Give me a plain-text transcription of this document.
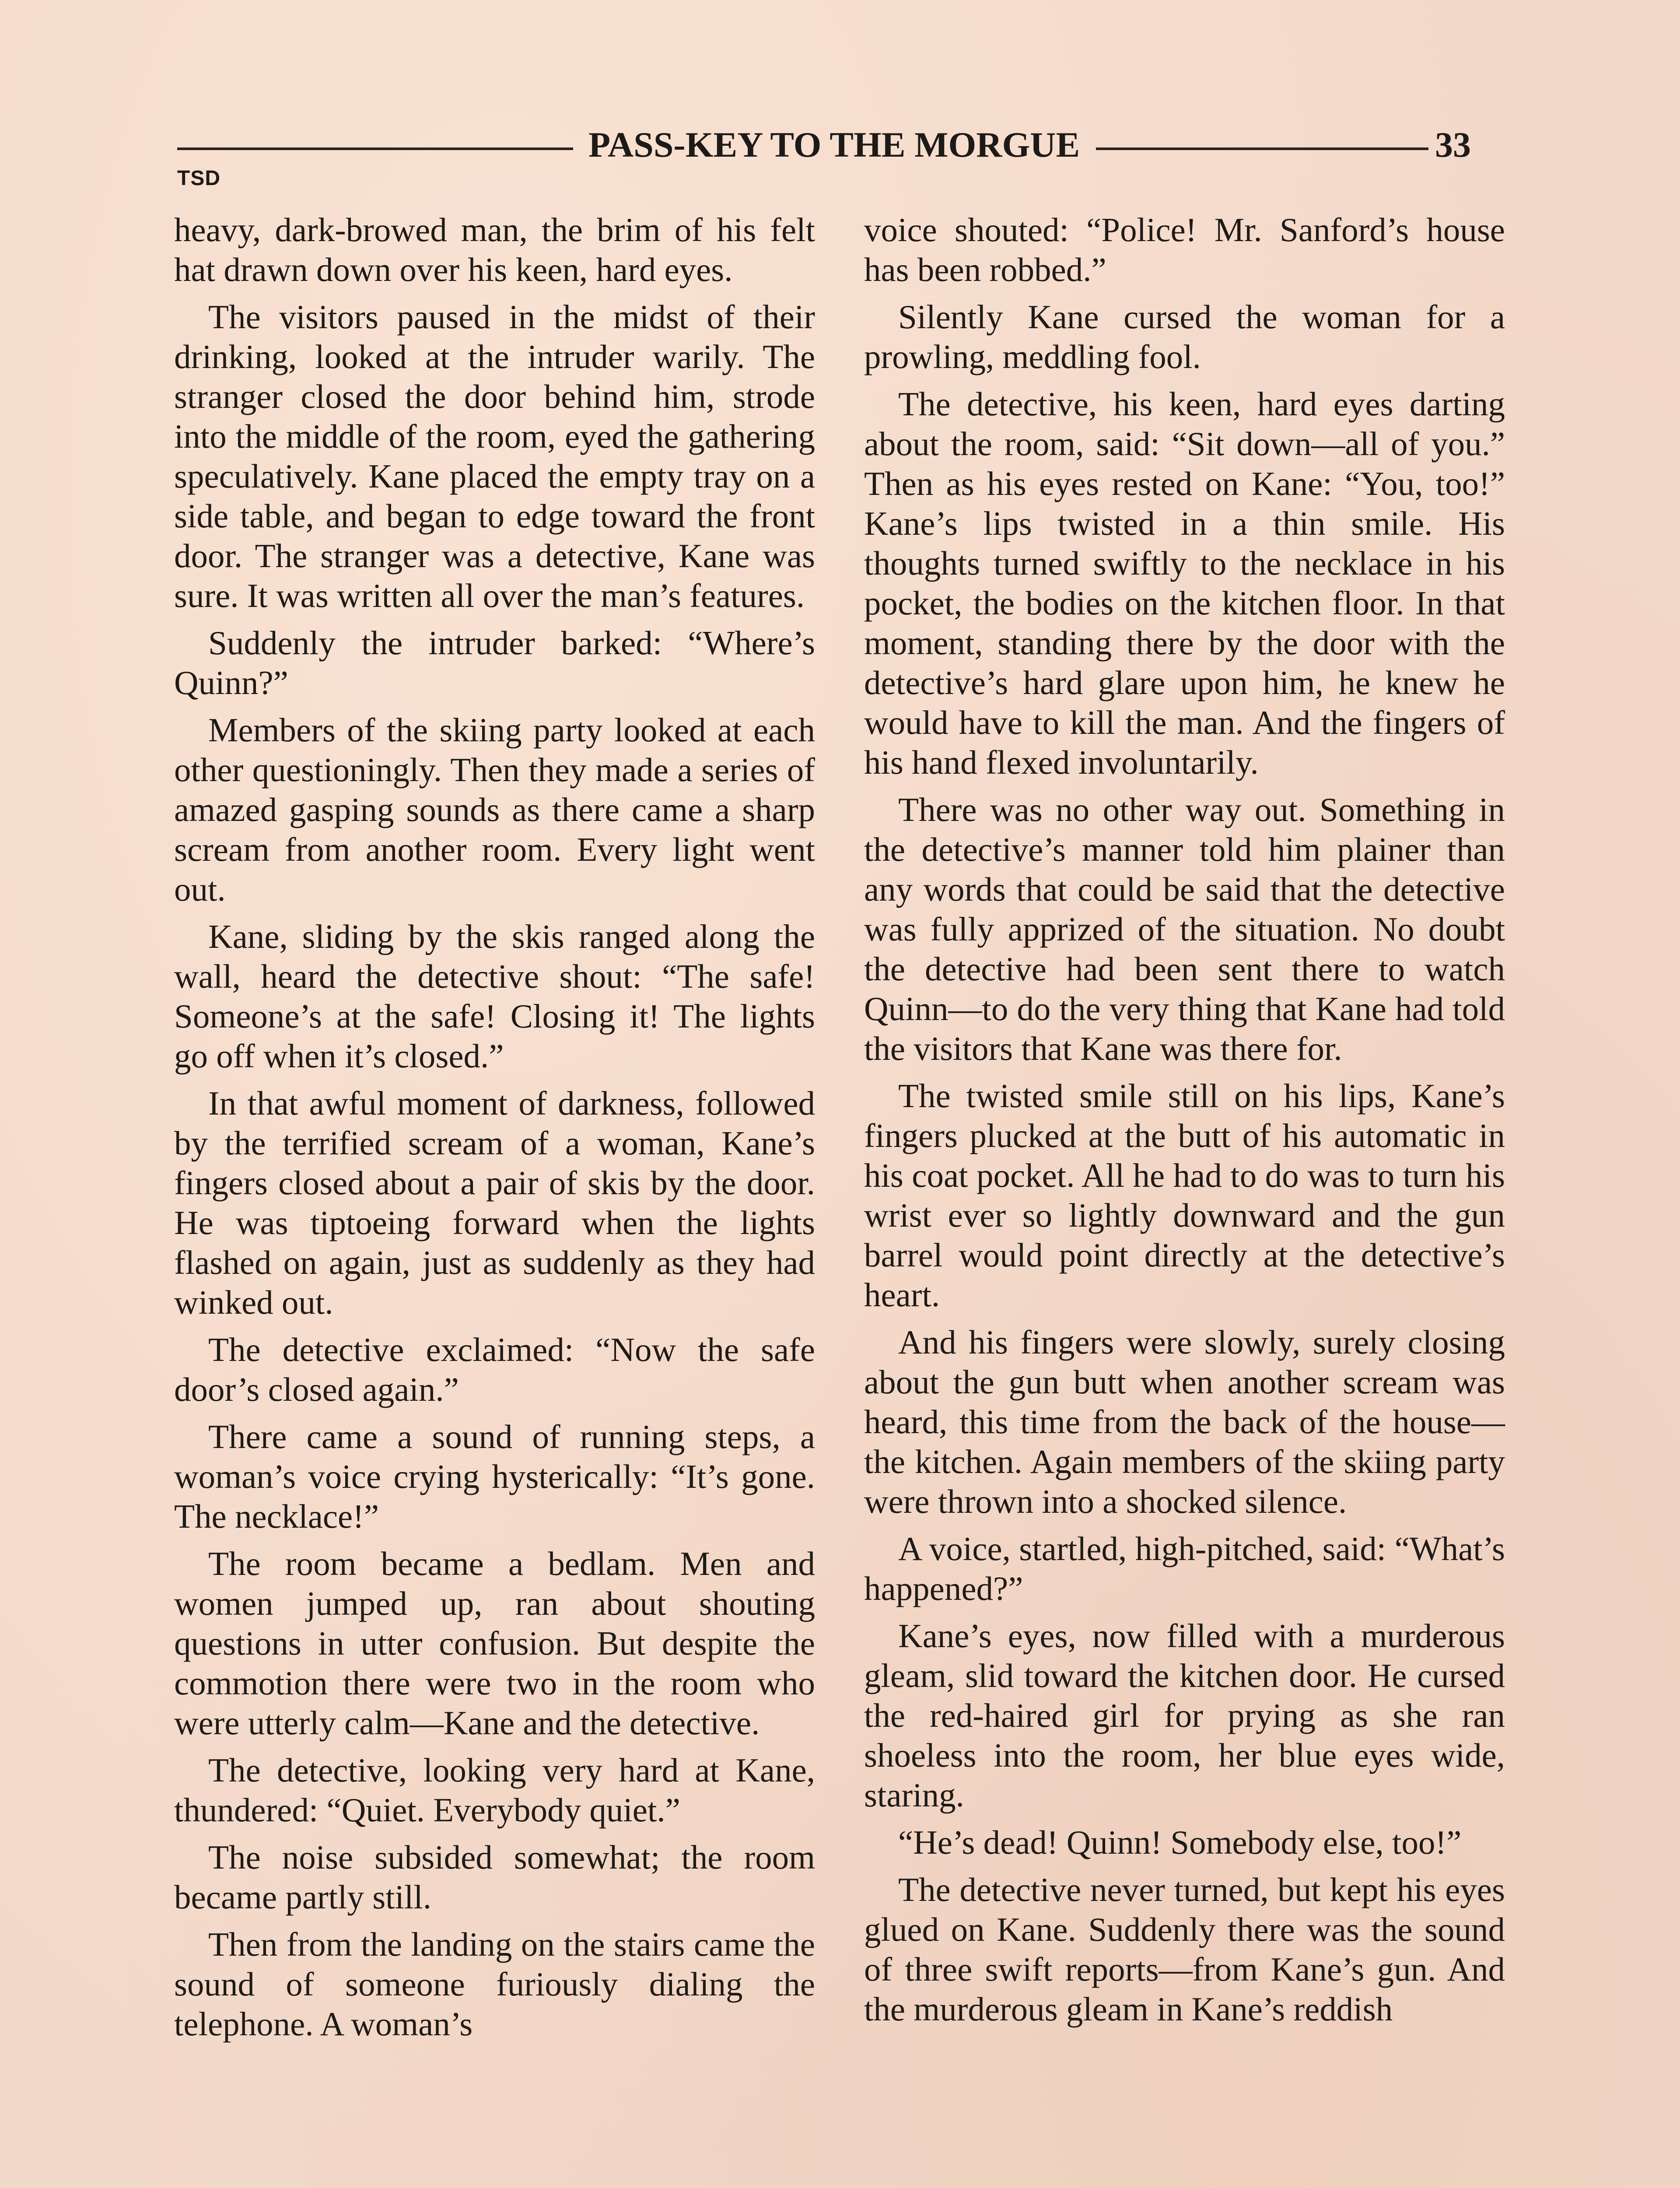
PASS-KEY TO THE MORGUE	33
TSD

heavy, dark-browed man, the brim of his felt hat drawn down over his keen, hard eyes.

The visitors paused in the midst of their drinking, looked at the intruder warily. The stranger closed the door behind him, strode into the middle of the room, eyed the gathering speculatively. Kane placed the empty tray on a side table, and began to edge toward the front door. The stranger was a detective, Kane was sure. It was written all over the man’s features.

Suddenly the intruder barked: “Where’s Quinn?”

Members of the skiing party looked at each other questioningly. Then they made a series of amazed gasping sounds as there came a sharp scream from another room. Every light went out.

Kane, sliding by the skis ranged along the wall, heard the detective shout: “The safe! Someone’s at the safe! Closing it! The lights go off when it’s closed.”

In that awful moment of darkness, followed by the terrified scream of a woman, Kane’s fingers closed about a pair of skis by the door. He was tiptoeing forward when the lights flashed on again, just as suddenly as they had winked out.

The detective exclaimed: “Now the safe door’s closed again.”

There came a sound of running steps, a woman’s voice crying hysterically: “It’s gone. The necklace!”

The room became a bedlam. Men and women jumped up, ran about shouting questions in utter confusion. But despite the commotion there were two in the room who were utterly calm—Kane and the detective.

The detective, looking very hard at Kane, thundered: “Quiet. Everybody quiet.”

The noise subsided somewhat; the room became partly still.

Then from the landing on the stairs came the sound of someone furiously dialing the telephone. A woman’s

voice shouted: “Police! Mr. Sanford’s house has been robbed.”

Silently Kane cursed the woman for a prowling, meddling fool.

The detective, his keen, hard eyes darting about the room, said: “Sit down—all of you.” Then as his eyes rested on Kane: “You, too!” Kane’s lips twisted in a thin smile. His thoughts turned swiftly to the necklace in his pocket, the bodies on the kitchen floor. In that moment, standing there by the door with the detective’s hard glare upon him, he knew he would have to kill the man. And the fingers of his hand flexed involuntarily.

There was no other way out. Something in the detective’s manner told him plainer than any words that could be said that the detective was fully apprized of the situation. No doubt the detective had been sent there to watch Quinn—to do the very thing that Kane had told the visitors that Kane was there for.

The twisted smile still on his lips, Kane’s fingers plucked at the butt of his automatic in his coat pocket. All he had to do was to turn his wrist ever so lightly downward and the gun barrel would point directly at the detective’s heart.

And his fingers were slowly, surely closing about the gun butt when another scream was heard, this time from the back of the house—the kitchen. Again members of the skiing party were thrown into a shocked silence.

A voice, startled, high-pitched, said: “What’s happened?”

Kane’s eyes, now filled with a murderous gleam, slid toward the kitchen door. He cursed the red-haired girl for prying as she ran shoeless into the room, her blue eyes wide, staring.

“He’s dead! Quinn! Somebody else, too!”

The detective never turned, but kept his eyes glued on Kane. Suddenly there was the sound of three swift reports—from Kane’s gun. And the murderous gleam in Kane’s reddish
